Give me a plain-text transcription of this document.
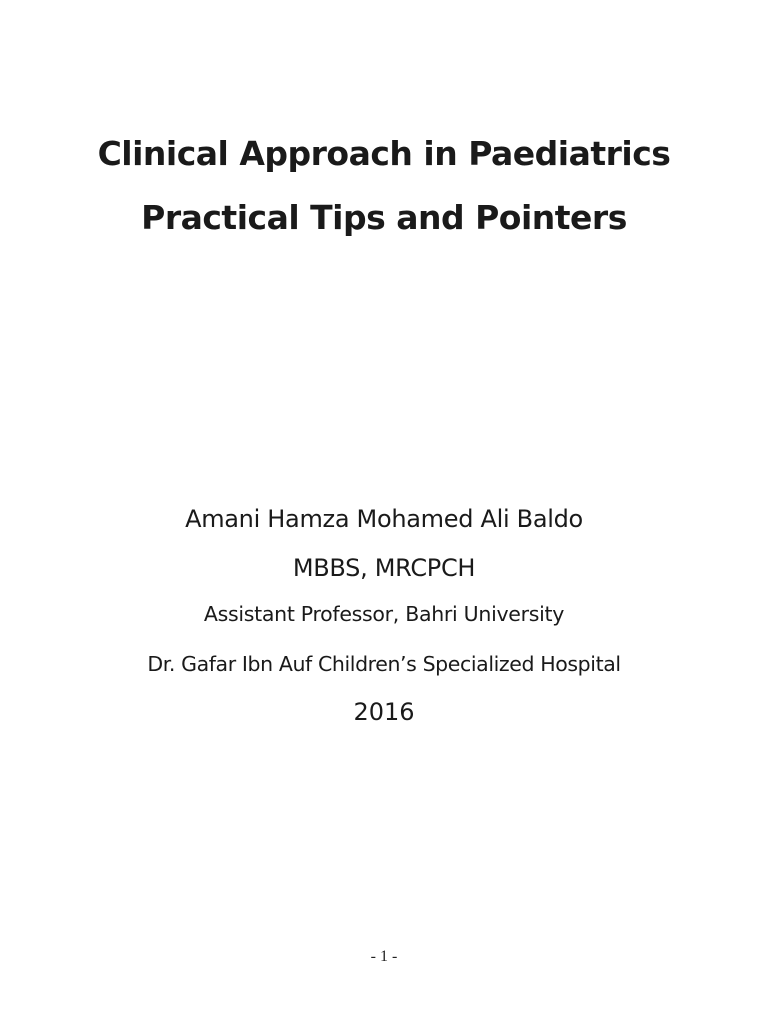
Clinical Approach in Paediatrics
Practical Tips and Pointers
Amani Hamza Mohamed Ali Baldo
MBBS, MRCPCH
Assistant Professor, Bahri University
Dr. Gafar Ibn Auf Children’s Specialized Hospital
2016
- 1 -
